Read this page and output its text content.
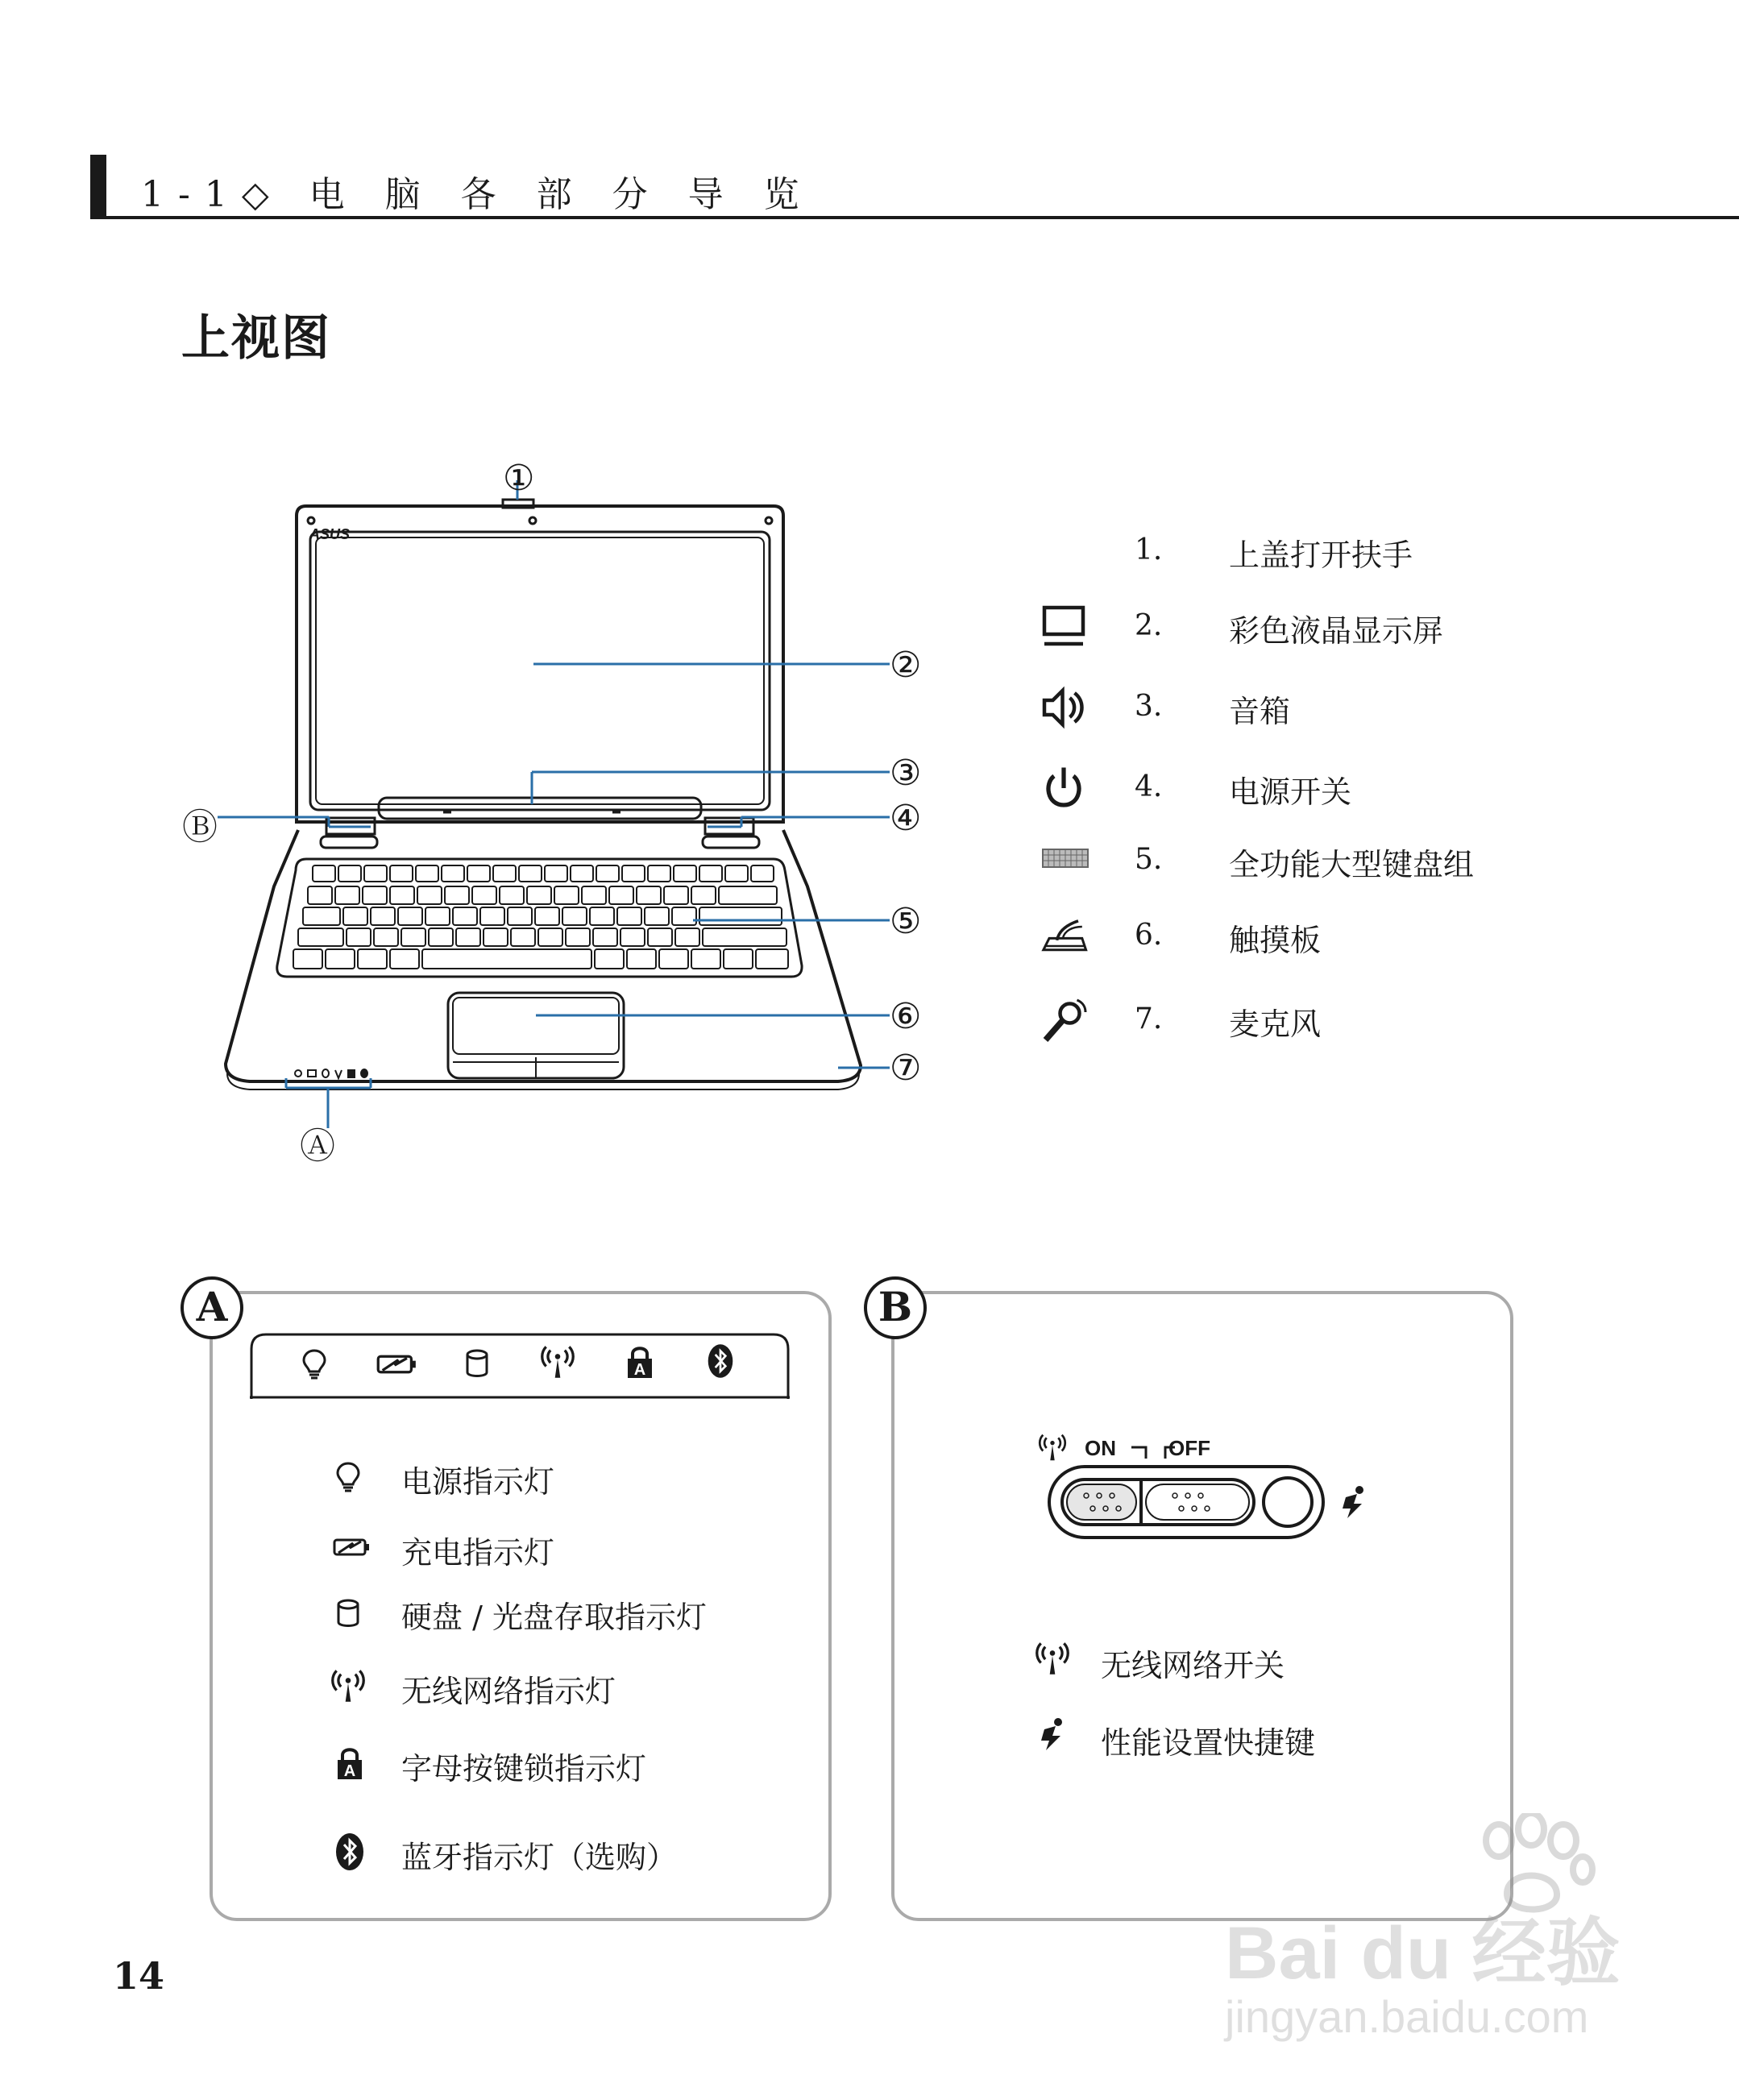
1-1◇ 电 脑 各 部 分 导 览
上视图
ASUS
①
②
③
④
⑤
⑥
⑦
Ⓐ
Ⓑ
1. 上盖打开扶手
2. 彩色液晶显示屏
3. 音箱
4. 电源开关
5. 全功能大型键盘组
6. 触摸板
7. 麦克风
A
电源指示灯
充电指示灯
硬盘 / 光盘存取指示灯
无线网络指示灯
字母按键锁指示灯
蓝牙指示灯（选购）
B
ON	OFF
无线网络开关
性能设置快捷键
14	Bai du 经验
jingyan.baidu.com
